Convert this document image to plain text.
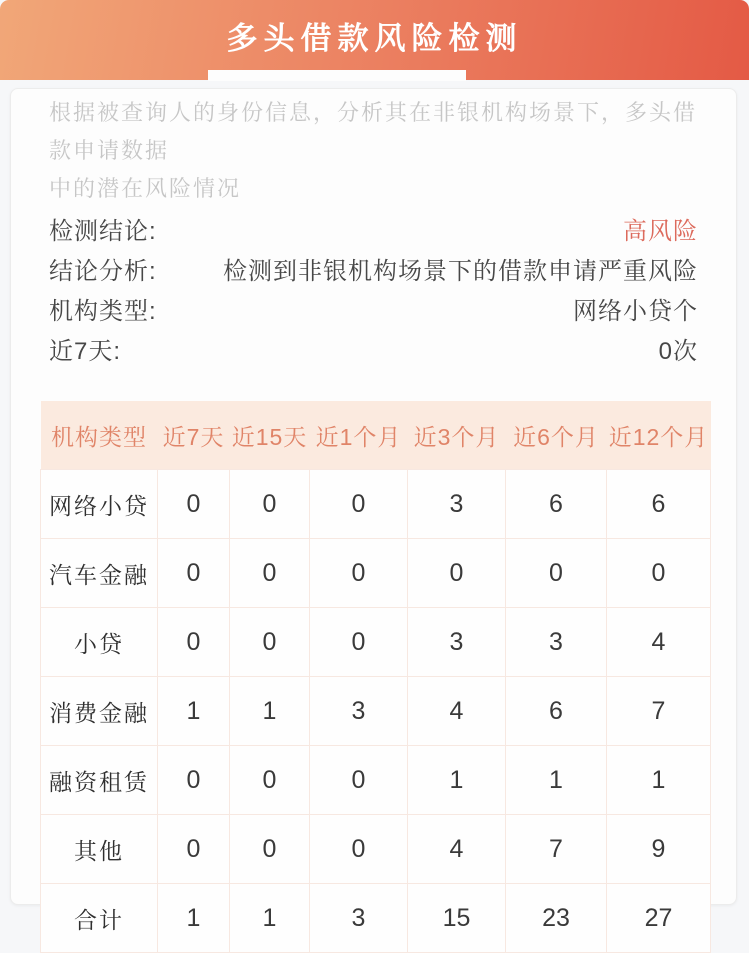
多头借款风险检测

根据被查询人的身份信息，分析其在非银机构场景下，多头借款申请数据
中的潜在风险情况

检测结论:	高风险
结论分析:	检测到非银机构场景下的借款申请严重风险
机构类型:	网络小贷个
近7天:	0次
机构类型	近7天	近15天	近1个月	近3个月	近6个月	近12个月
网络小贷	0	0	0	3	6	6
汽车金融	0	0	0	0	0	0
小贷	0	0	0	3	3	4
消费金融	1	1	3	4	6	7
融资租赁	0	0	0	1	1	1
其他	0	0	0	4	7	9
合计	1	1	3	15	23	27
